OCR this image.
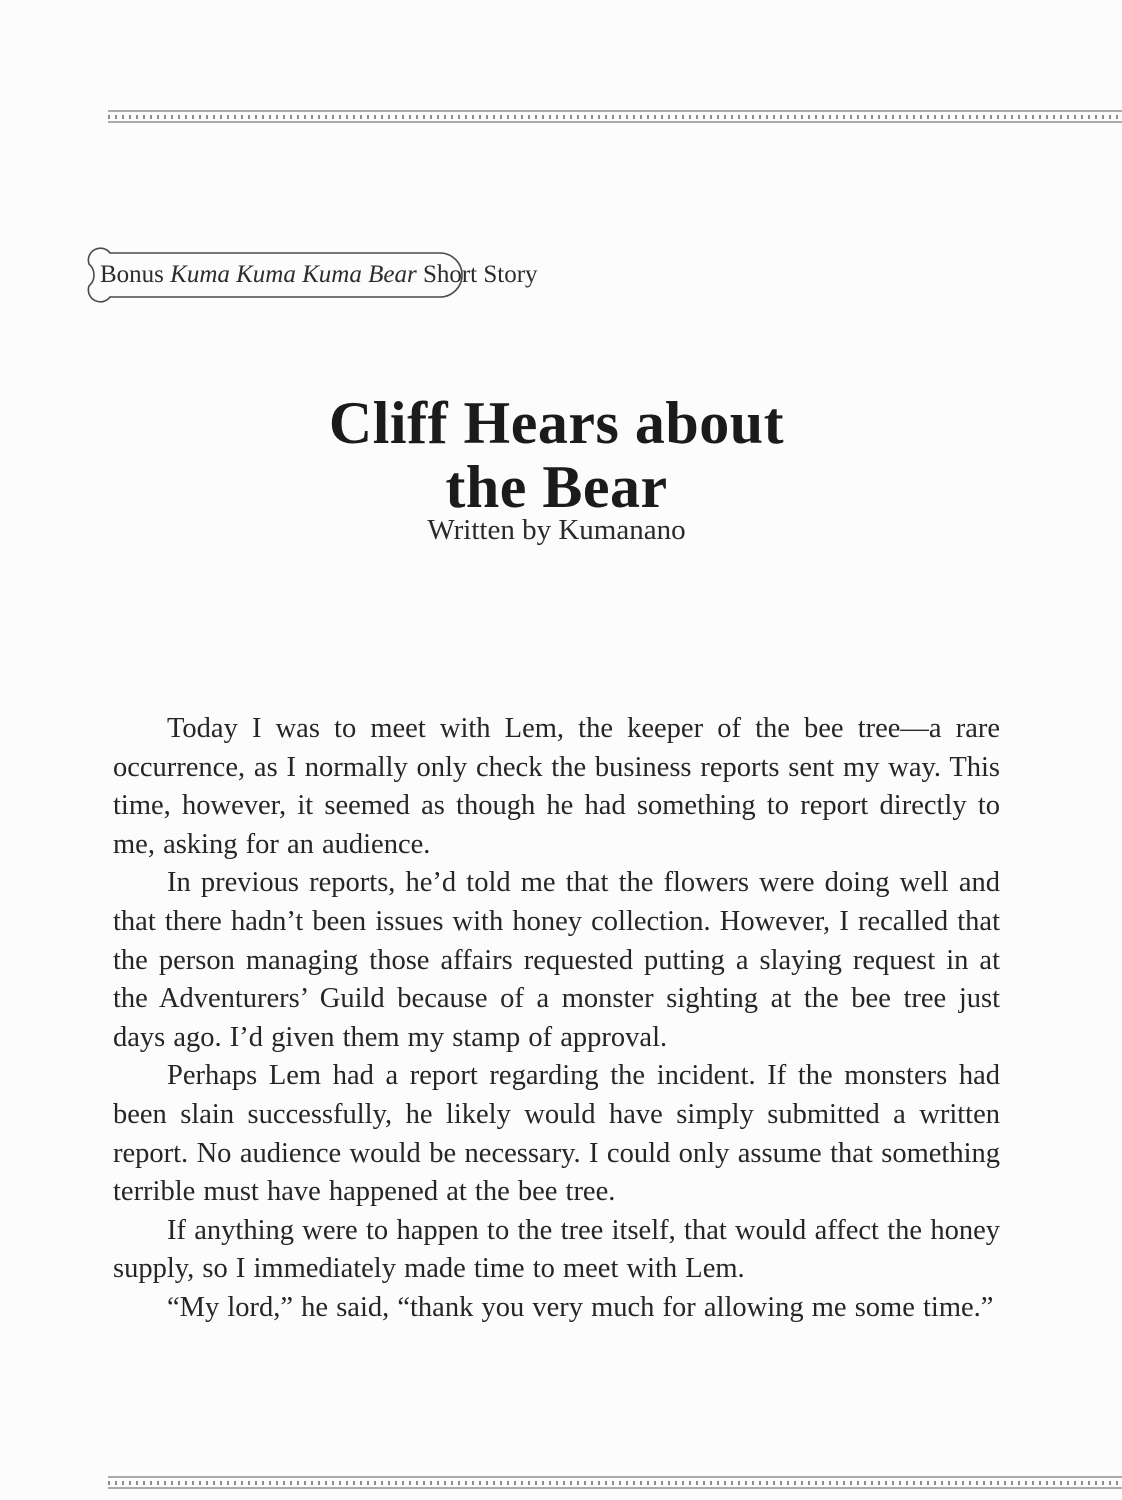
Bonus Kuma Kuma Kuma Bear Short Story
Cliff Hears about
the Bear
Written by Kumanano

Today I was to meet with Lem, the keeper of the bee tree—a rare occurrence, as I normally only check the business reports sent my way. This time, however, it seemed as though he had something to report directly to me, asking for an audience.

In previous reports, he’d told me that the flowers were doing well and that there hadn’t been issues with honey collection. However, I recalled that the person managing those affairs requested putting a slaying request in at the Adventurers’ Guild because of a monster sighting at the bee tree just days ago. I’d given them my stamp of approval.

Perhaps Lem had a report regarding the incident. If the monsters had been slain successfully, he likely would have simply submitted a written report. No audience would be necessary. I could only assume that something terrible must have happened at the bee tree.

If anything were to happen to the tree itself, that would affect the honey supply, so I immediately made time to meet with Lem.

“My lord,” he said, “thank you very much for allowing me some time.”
